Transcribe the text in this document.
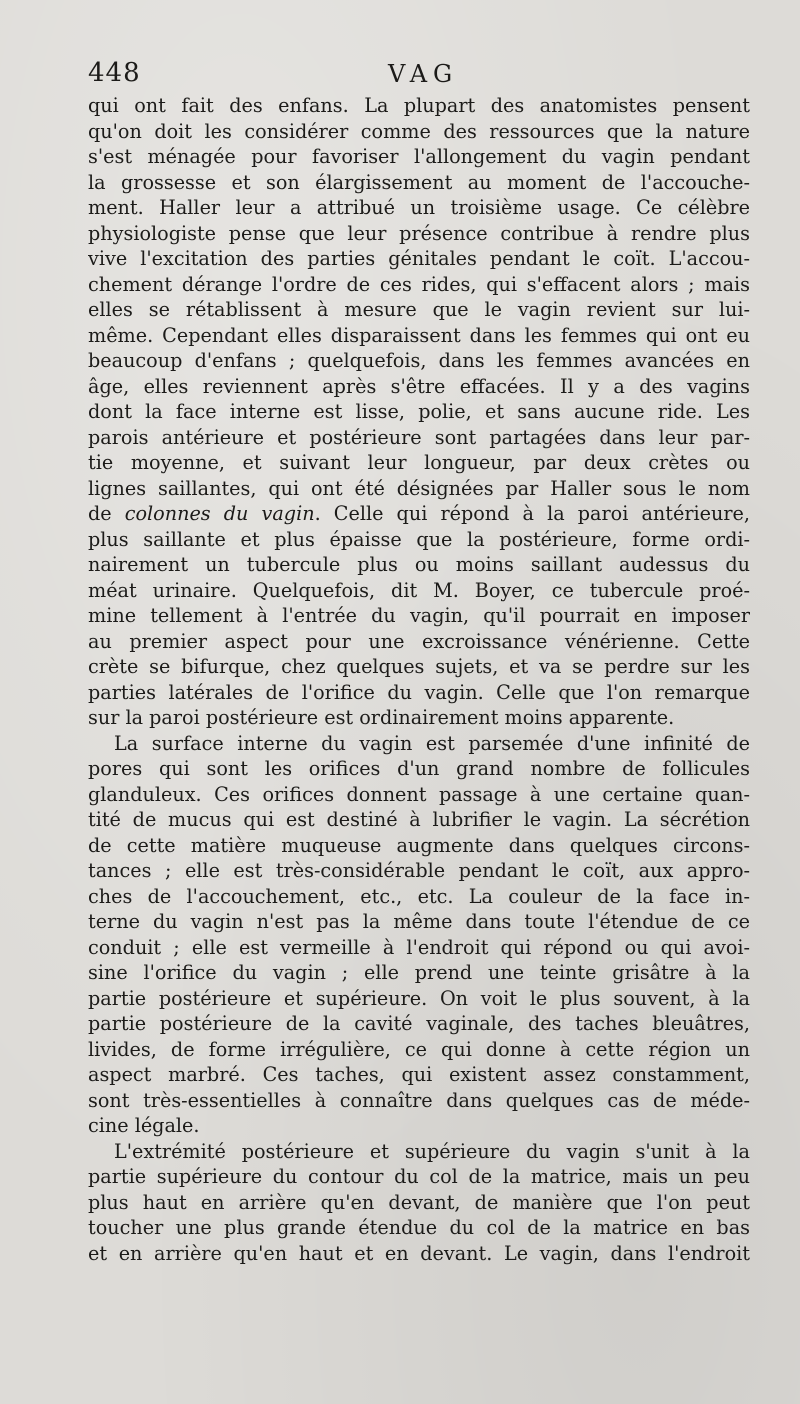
448	VAG
qui ont fait des enfans. La plupart des anatomistes pensent
qu'on doit les considérer comme des ressources que la nature
s'est ménagée pour favoriser l'allongement du vagin pendant
la grossesse et son élargissement au moment de l'accouche-
ment. Haller leur a attribué un troisième usage. Ce célèbre
physiologiste pense que leur présence contribue à rendre plus
vive l'excitation des parties génitales pendant le coït. L'accou-
chement dérange l'ordre de ces rides, qui s'effacent alors ; mais
elles se rétablissent à mesure que le vagin revient sur lui-
même. Cependant elles disparaissent dans les femmes qui ont eu
beaucoup d'enfans ; quelquefois, dans les femmes avancées en
âge, elles reviennent après s'être effacées. Il y a des vagins
dont la face interne est lisse, polie, et sans aucune ride. Les
parois antérieure et postérieure sont partagées dans leur par-
tie moyenne, et suivant leur longueur, par deux crètes ou
lignes saillantes, qui ont été désignées par Haller sous le nom
de colonnes du vagin. Celle qui répond à la paroi antérieure,
plus saillante et plus épaisse que la postérieure, forme ordi-
nairement un tubercule plus ou moins saillant audessus du
méat urinaire. Quelquefois, dit M. Boyer, ce tubercule proé-
mine tellement à l'entrée du vagin, qu'il pourrait en imposer
au premier aspect pour une excroissance vénérienne. Cette
crète se bifurque, chez quelques sujets, et va se perdre sur les
parties latérales de l'orifice du vagin. Celle que l'on remarque
sur la paroi postérieure est ordinairement moins apparente.
La surface interne du vagin est parsemée d'une infinité de
pores qui sont les orifices d'un grand nombre de follicules
glanduleux. Ces orifices donnent passage à une certaine quan-
tité de mucus qui est destiné à lubrifier le vagin. La sécrétion
de cette matière muqueuse augmente dans quelques circons-
tances ; elle est très-considérable pendant le coït, aux appro-
ches de l'accouchement, etc., etc. La couleur de la face in-
terne du vagin n'est pas la même dans toute l'étendue de ce
conduit ; elle est vermeille à l'endroit qui répond ou qui avoi-
sine l'orifice du vagin ; elle prend une teinte grisâtre à la
partie postérieure et supérieure. On voit le plus souvent, à la
partie postérieure de la cavité vaginale, des taches bleuâtres,
livides, de forme irrégulière, ce qui donne à cette région un
aspect marbré. Ces taches, qui existent assez constamment,
sont très-essentielles à connaître dans quelques cas de méde-
cine légale.
L'extrémité postérieure et supérieure du vagin s'unit à la
partie supérieure du contour du col de la matrice, mais un peu
plus haut en arrière qu'en devant, de manière que l'on peut
toucher une plus grande étendue du col de la matrice en bas
et en arrière qu'en haut et en devant. Le vagin, dans l'endroit
